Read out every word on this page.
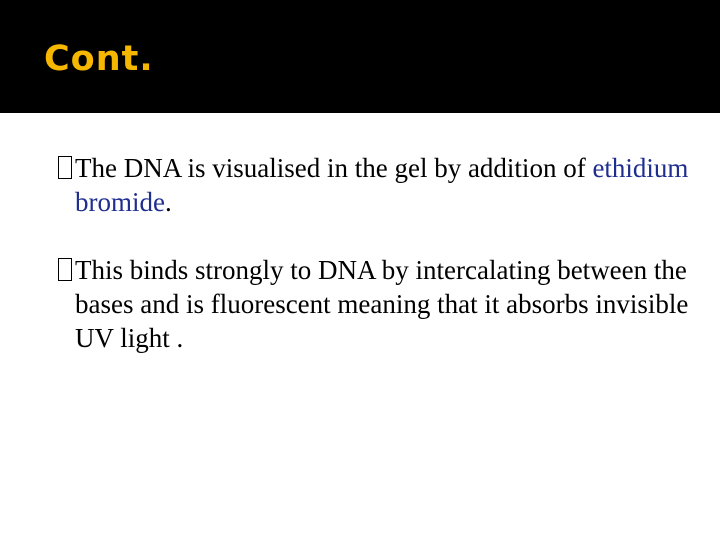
Cont.

The DNA is visualised in the gel by addition of ethidium bromide.

This binds strongly to DNA by intercalating between the bases and is fluorescent meaning that it absorbs invisible UV light .
